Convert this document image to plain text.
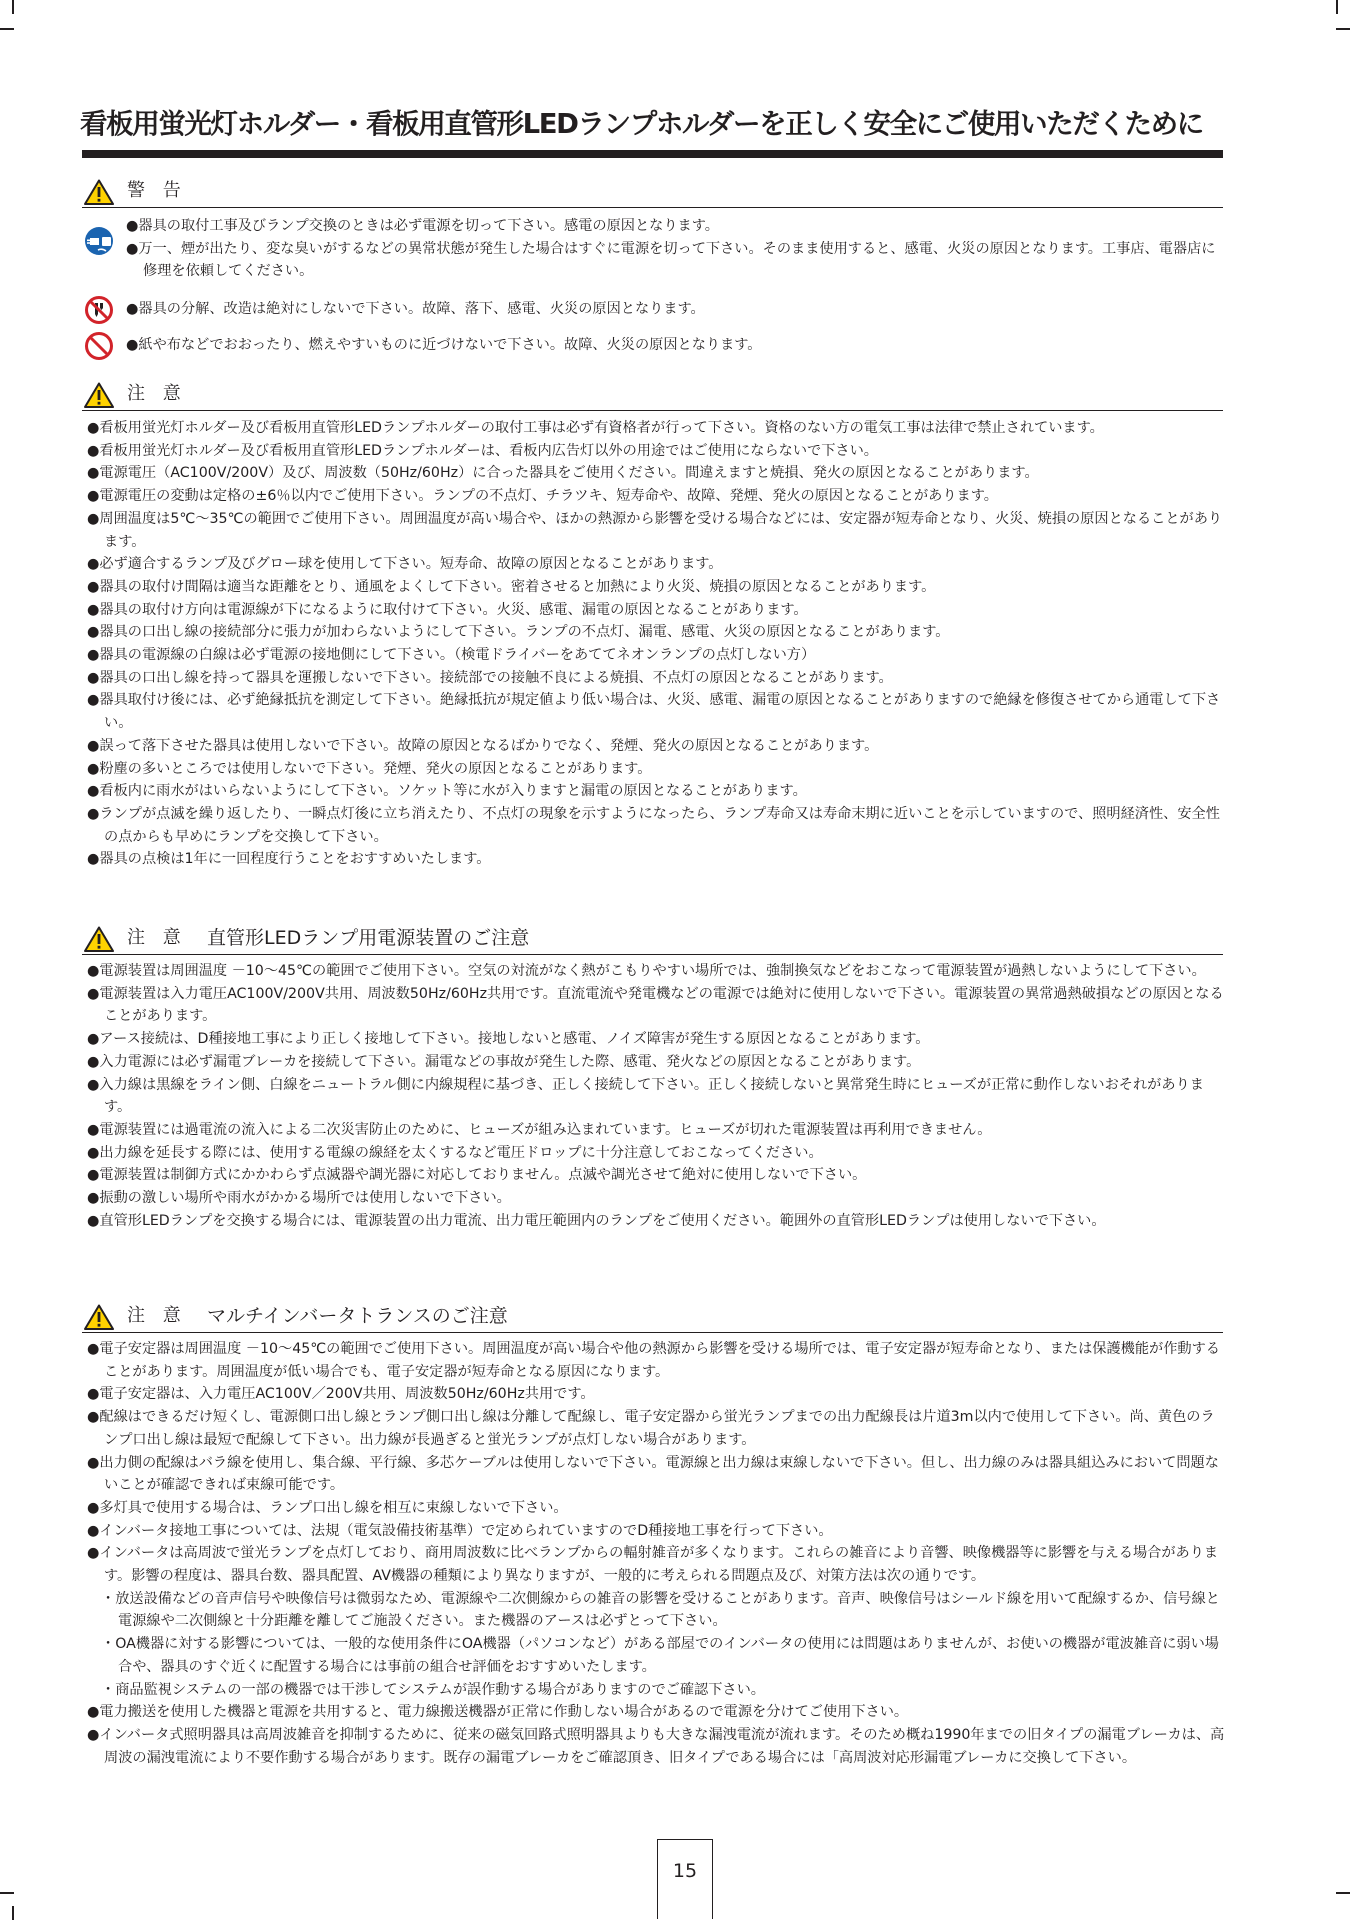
看板用蛍光灯ホルダー・看板用直管形LEDランプホルダーを正しく安全にご使用いただくために
警 告

●器具の取付工事及びランプ交換のときは必ず電源を切って下さい。感電の原因となります。

●万一、煙が出たり、変な臭いがするなどの異常状態が発生した場合はすぐに電源を切って下さい。そのまま使用すると、感電、火災の原因となります。工事店、電器店に修理を依頼してください。

●器具の分解、改造は絶対にしないで下さい。故障、落下、感電、火災の原因となります。

●紙や布などでおおったり、燃えやすいものに近づけないで下さい。故障、火災の原因となります。

注 意

●看板用蛍光灯ホルダー及び看板用直管形LEDランプホルダーの取付工事は必ず有資格者が行って下さい。資格のない方の電気工事は法律で禁止されています。

●看板用蛍光灯ホルダー及び看板用直管形LEDランプホルダーは、看板内広告灯以外の用途ではご使用にならないで下さい。

●電源電圧（AC100V/200V）及び、周波数（50Hz/60Hz）に合った器具をご使用ください。間違えますと焼損、発火の原因となることがあります。

●電源電圧の変動は定格の±6％以内でご使用下さい。ランプの不点灯、チラツキ、短寿命や、故障、発煙、発火の原因となることがあります。

●周囲温度は5℃～35℃の範囲でご使用下さい。周囲温度が高い場合や、ほかの熱源から影響を受ける場合などには、安定器が短寿命となり、火災、焼損の原因となることがあります。

●必ず適合するランプ及びグロー球を使用して下さい。短寿命、故障の原因となることがあります。

●器具の取付け間隔は適当な距離をとり、通風をよくして下さい。密着させると加熱により火災、焼損の原因となることがあります。

●器具の取付け方向は電源線が下になるように取付けて下さい。火災、感電、漏電の原因となることがあります。

●器具の口出し線の接続部分に張力が加わらないようにして下さい。ランプの不点灯、漏電、感電、火災の原因となることがあります。

●器具の電源線の白線は必ず電源の接地側にして下さい。（検電ドライバーをあててネオンランプの点灯しない方）

●器具の口出し線を持って器具を運搬しないで下さい。接続部での接触不良による焼損、不点灯の原因となることがあります。

●器具取付け後には、必ず絶縁抵抗を測定して下さい。絶縁抵抗が規定値より低い場合は、火災、感電、漏電の原因となることがありますので絶縁を修復させてから通電して下さい。

●誤って落下させた器具は使用しないで下さい。故障の原因となるばかりでなく、発煙、発火の原因となることがあります。

●粉塵の多いところでは使用しないで下さい。発煙、発火の原因となることがあります。

●看板内に雨水がはいらないようにして下さい。ソケット等に水が入りますと漏電の原因となることがあります。

●ランプが点滅を繰り返したり、一瞬点灯後に立ち消えたり、不点灯の現象を示すようになったら、ランプ寿命又は寿命末期に近いことを示していますので、照明経済性、安全性の点からも早めにランプを交換して下さい。

●器具の点検は1年に一回程度行うことをおすすめいたします。

注 意 直管形LEDランプ用電源装置のご注意

●電源装置は周囲温度 －10～45℃の範囲でご使用下さい。空気の対流がなく熱がこもりやすい場所では、強制換気などをおこなって電源装置が過熱しないようにして下さい。

●電源装置は入力電圧AC100V/200V共用、周波数50Hz/60Hz共用です。直流電流や発電機などの電源では絶対に使用しないで下さい。電源装置の異常過熱破損などの原因となることがあります。

●アース接続は、D種接地工事により正しく接地して下さい。接地しないと感電、ノイズ障害が発生する原因となることがあります。

●入力電源には必ず漏電ブレーカを接続して下さい。漏電などの事故が発生した際、感電、発火などの原因となることがあります。

●入力線は黒線をライン側、白線をニュートラル側に内線規程に基づき、正しく接続して下さい。正しく接続しないと異常発生時にヒューズが正常に動作しないおそれがあります。

●電源装置には過電流の流入による二次災害防止のために、ヒューズが組み込まれています。ヒューズが切れた電源装置は再利用できません。

●出力線を延長する際には、使用する電線の線経を太くするなど電圧ドロップに十分注意しておこなってください。

●電源装置は制御方式にかかわらず点滅器や調光器に対応しておりません。点滅や調光させて絶対に使用しないで下さい。

●振動の激しい場所や雨水がかかる場所では使用しないで下さい。

●直管形LEDランプを交換する場合には、電源装置の出力電流、出力電圧範囲内のランプをご使用ください。範囲外の直管形LEDランプは使用しないで下さい。

注 意 マルチインバータトランスのご注意

●電子安定器は周囲温度 －10～45℃の範囲でご使用下さい。周囲温度が高い場合や他の熱源から影響を受ける場所では、電子安定器が短寿命となり、または保護機能が作動することがあります。周囲温度が低い場合でも、電子安定器が短寿命となる原因になります。

●電子安定器は、入力電圧AC100V／200V共用、周波数50Hz/60Hz共用です。

●配線はできるだけ短くし、電源側口出し線とランプ側口出し線は分離して配線し、電子安定器から蛍光ランプまでの出力配線長は片道3m以内で使用して下さい。尚、黄色のランプ口出し線は最短で配線して下さい。出力線が長過ぎると蛍光ランプが点灯しない場合があります。

●出力側の配線はバラ線を使用し、集合線、平行線、多芯ケーブルは使用しないで下さい。電源線と出力線は束線しないで下さい。但し、出力線のみは器具組込みにおいて問題ないことが確認できれば束線可能です。

●多灯具で使用する場合は、ランプ口出し線を相互に束線しないで下さい。

●インバータ接地工事については、法規（電気設備技術基準）で定められていますのでD種接地工事を行って下さい。

●インバータは高周波で蛍光ランプを点灯しており、商用周波数に比べランプからの輻射雑音が多くなります。これらの雑音により音響、映像機器等に影響を与える場合があります。影響の程度は、器具台数、器具配置、AV機器の種類により異なりますが、一般的に考えられる問題点及び、対策方法は次の通りです。

・放送設備などの音声信号や映像信号は微弱なため、電源線や二次側線からの雑音の影響を受けることがあります。音声、映像信号はシールド線を用いて配線するか、信号線と電源線や二次側線と十分距離を離してご施設ください。また機器のアースは必ずとって下さい。

・OA機器に対する影響については、一般的な使用条件にOA機器（パソコンなど）がある部屋でのインバータの使用には問題はありませんが、お使いの機器が電波雑音に弱い場合や、器具のすぐ近くに配置する場合には事前の組合せ評価をおすすめいたします。

・商品監視システムの一部の機器では干渉してシステムが誤作動する場合がありますのでご確認下さい。

●電力搬送を使用した機器と電源を共用すると、電力線搬送機器が正常に作動しない場合があるので電源を分けてご使用下さい。

●インバータ式照明器具は高周波雑音を抑制するために、従来の磁気回路式照明器具よりも大きな漏洩電流が流れます。そのため概ね1990年までの旧タイプの漏電ブレーカは、高周波の漏洩電流により不要作動する場合があります。既存の漏電ブレーカをご確認頂き、旧タイプである場合には「高周波対応形漏電ブレーカに交換して下さい。

15
